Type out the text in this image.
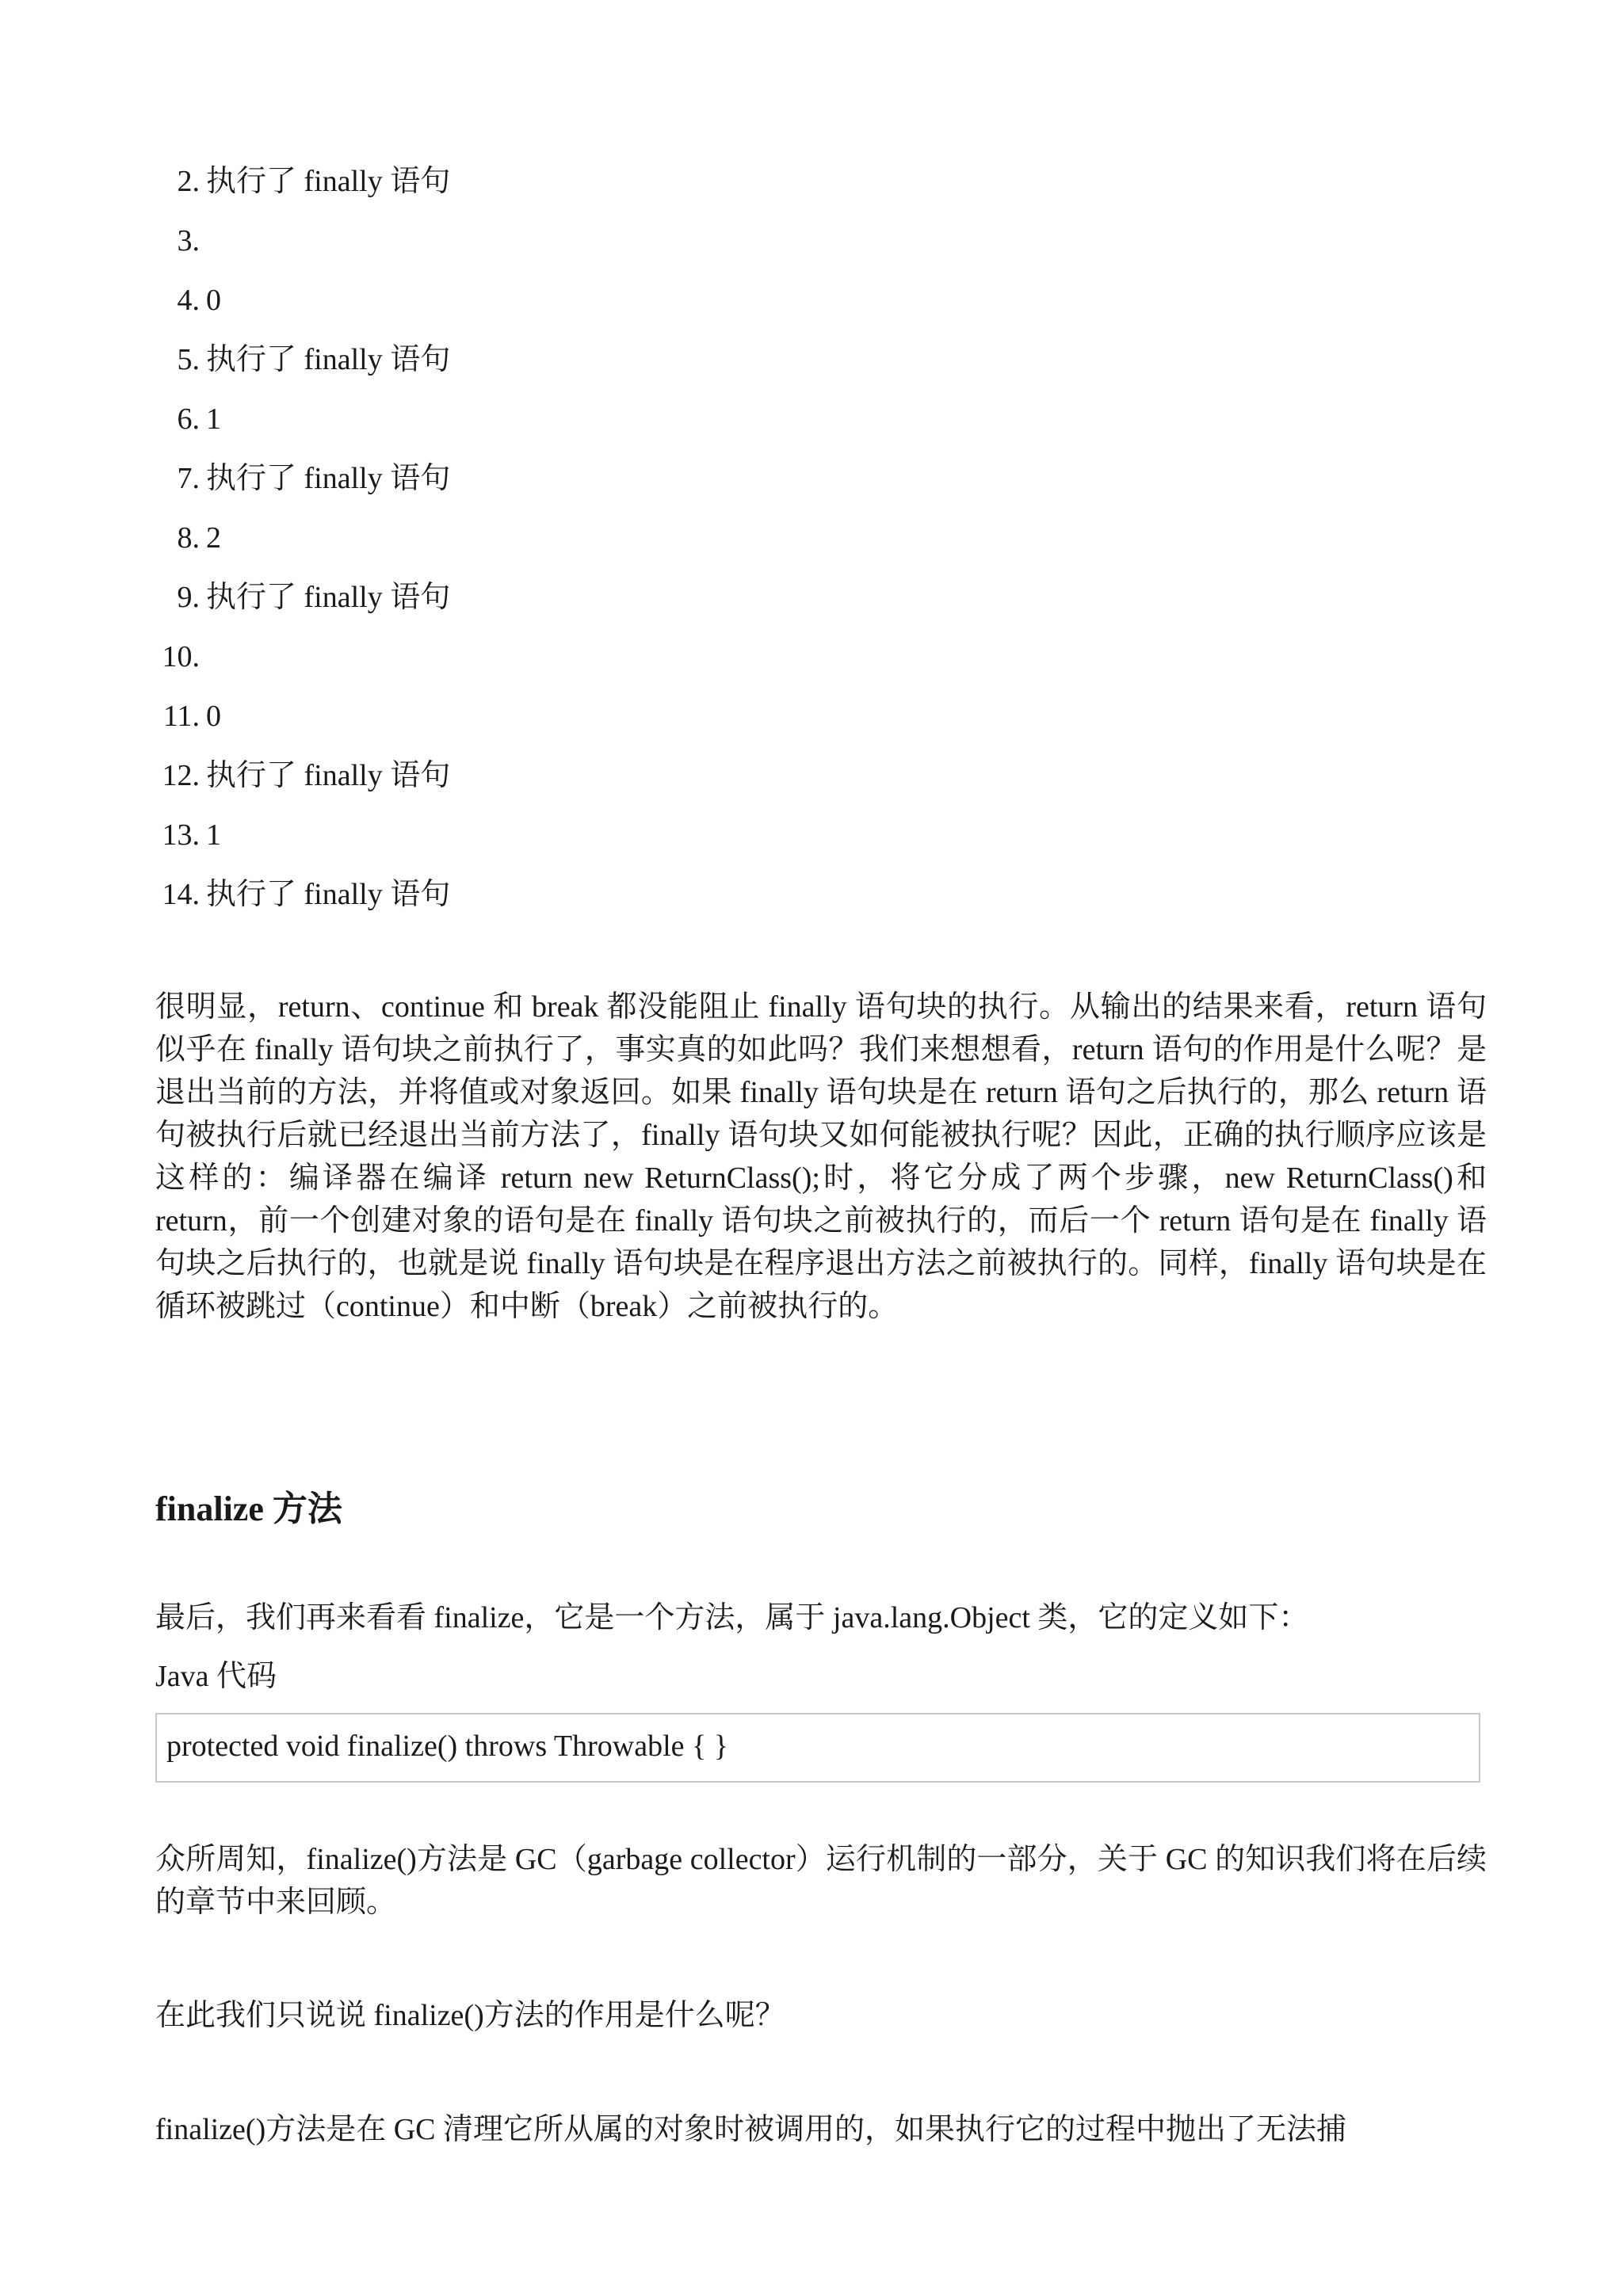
2. 执行了 finally 语句
3.
4. 0
5. 执行了 finally 语句
6. 1
7. 执行了 finally 语句
8. 2
9. 执行了 finally 语句
10.
11. 0
12. 执行了 finally 语句
13. 1
14. 执行了 finally 语句

很明显，return、continue 和 break 都没能阻止 finally 语句块的执行。从输出的结果来看，return 语句似乎在 finally 语句块之前执行了，事实真的如此吗？我们来想想看，return 语句的作用是什么呢？是退出当前的方法，并将值或对象返回。如果 finally 语句块是在 return 语句之后执行的，那么 return 语句被执行后就已经退出当前方法了，finally 语句块又如何能被执行呢？因此，正确的执行顺序应该是这样的：编译器在编译 return new ReturnClass();时，将它分成了两个步骤，new ReturnClass()和 return，前一个创建对象的语句是在 finally 语句块之前被执行的，而后一个 return 语句是在 finally 语句块之后执行的，也就是说 finally 语句块是在程序退出方法之前被执行的。同样，finally 语句块是在循环被跳过（continue）和中断（break）之前被执行的。

finalize 方法

最后，我们再来看看 finalize，它是一个方法，属于 java.lang.Object 类，它的定义如下：

Java 代码

protected void finalize() throws Throwable { }

众所周知，finalize()方法是 GC（garbage collector）运行机制的一部分，关于 GC 的知识我们将在后续的章节中来回顾。

在此我们只说说 finalize()方法的作用是什么呢？

finalize()方法是在 GC 清理它所从属的对象时被调用的，如果执行它的过程中抛出了无法捕
